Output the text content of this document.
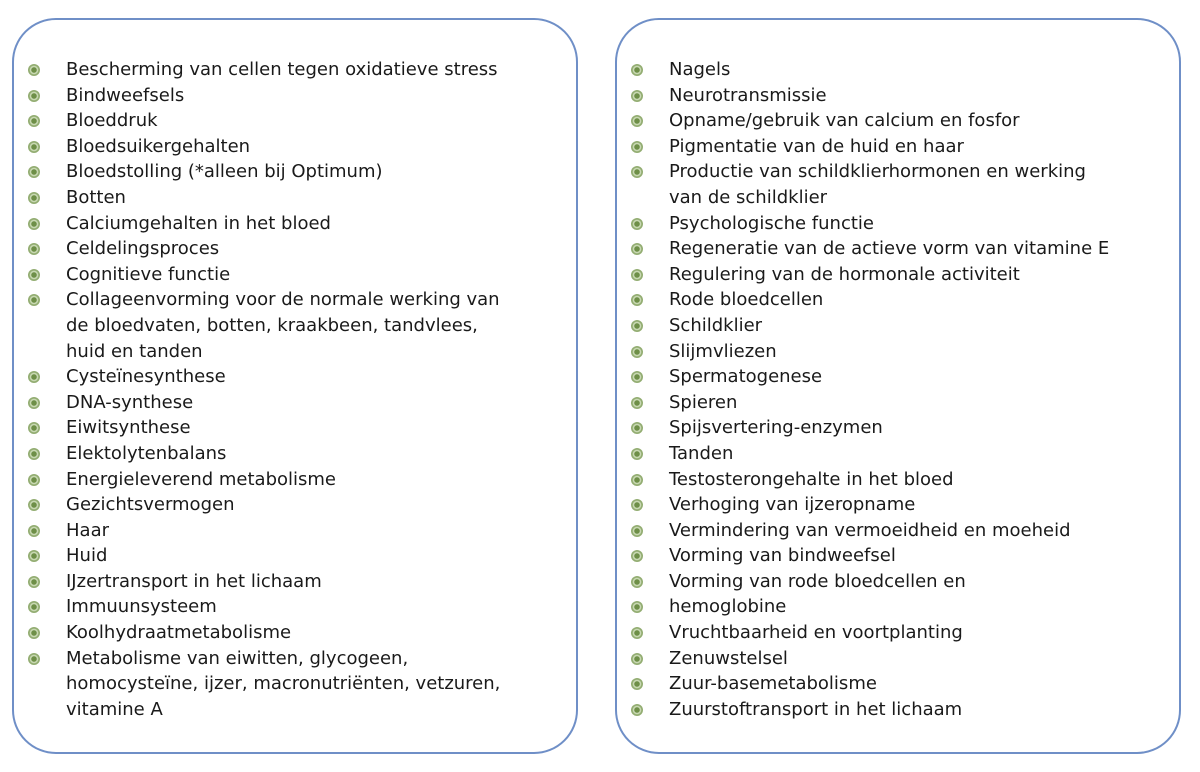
Bescherming van cellen tegen oxidatieve stress
Bindweefsels
Bloeddruk
Bloedsuikergehalten
Bloedstolling (*alleen bij Optimum)
Botten
Calciumgehalten in het bloed
Celdelingsproces
Cognitieve functie
Collageenvorming voor de normale werking van
de bloedvaten, botten, kraakbeen, tandvlees,
huid en tanden
Cysteïnesynthese
DNA-synthese
Eiwitsynthese
Elektolytenbalans
Energieleverend metabolisme
Gezichtsvermogen
Haar
Huid
IJzertransport in het lichaam
Immuunsysteem
Koolhydraatmetabolisme
Metabolisme van eiwitten, glycogeen,
homocysteïne, ijzer, macronutriënten, vetzuren,
vitamine A
Nagels
Neurotransmissie
Opname/gebruik van calcium en fosfor
Pigmentatie van de huid en haar
Productie van schildklierhormonen en werking
van de schildklier
Psychologische functie
Regeneratie van de actieve vorm van vitamine E
Regulering van de hormonale activiteit
Rode bloedcellen
Schildklier
Slijmvliezen
Spermatogenese
Spieren
Spijsvertering-enzymen
Tanden
Testosterongehalte in het bloed
Verhoging van ijzeropname
Vermindering van vermoeidheid en moeheid
Vorming van bindweefsel
Vorming van rode bloedcellen en
hemoglobine
Vruchtbaarheid en voortplanting
Zenuwstelsel
Zuur-basemetabolisme
Zuurstoftransport in het lichaam
